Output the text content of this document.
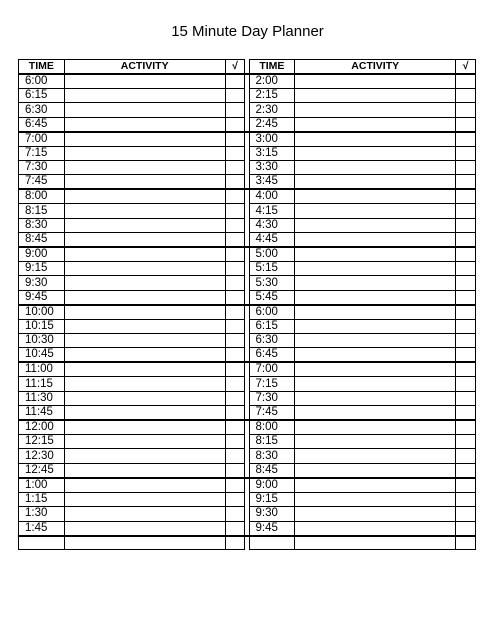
15 Minute Day Planner
TIME	ACTIVITY	√		TIME	ACTIVITY	√
6:00				2:00		
6:15				2:15		
6:30				2:30		
6:45				2:45		
7:00				3:00		
7:15				3:15		
7:30				3:30		
7:45				3:45		
8:00				4:00		
8:15				4:15		
8:30				4:30		
8:45				4:45		
9:00				5:00		
9:15				5:15		
9:30				5:30		
9:45				5:45		
10:00				6:00		
10:15				6:15		
10:30				6:30		
10:45				6:45		
11:00				7:00		
11:15				7:15		
11:30				7:30		
11:45				7:45		
12:00				8:00		
12:15				8:15		
12:30				8:30		
12:45				8:45		
1:00				9:00		
1:15				9:15		
1:30				9:30		
1:45				9:45		
